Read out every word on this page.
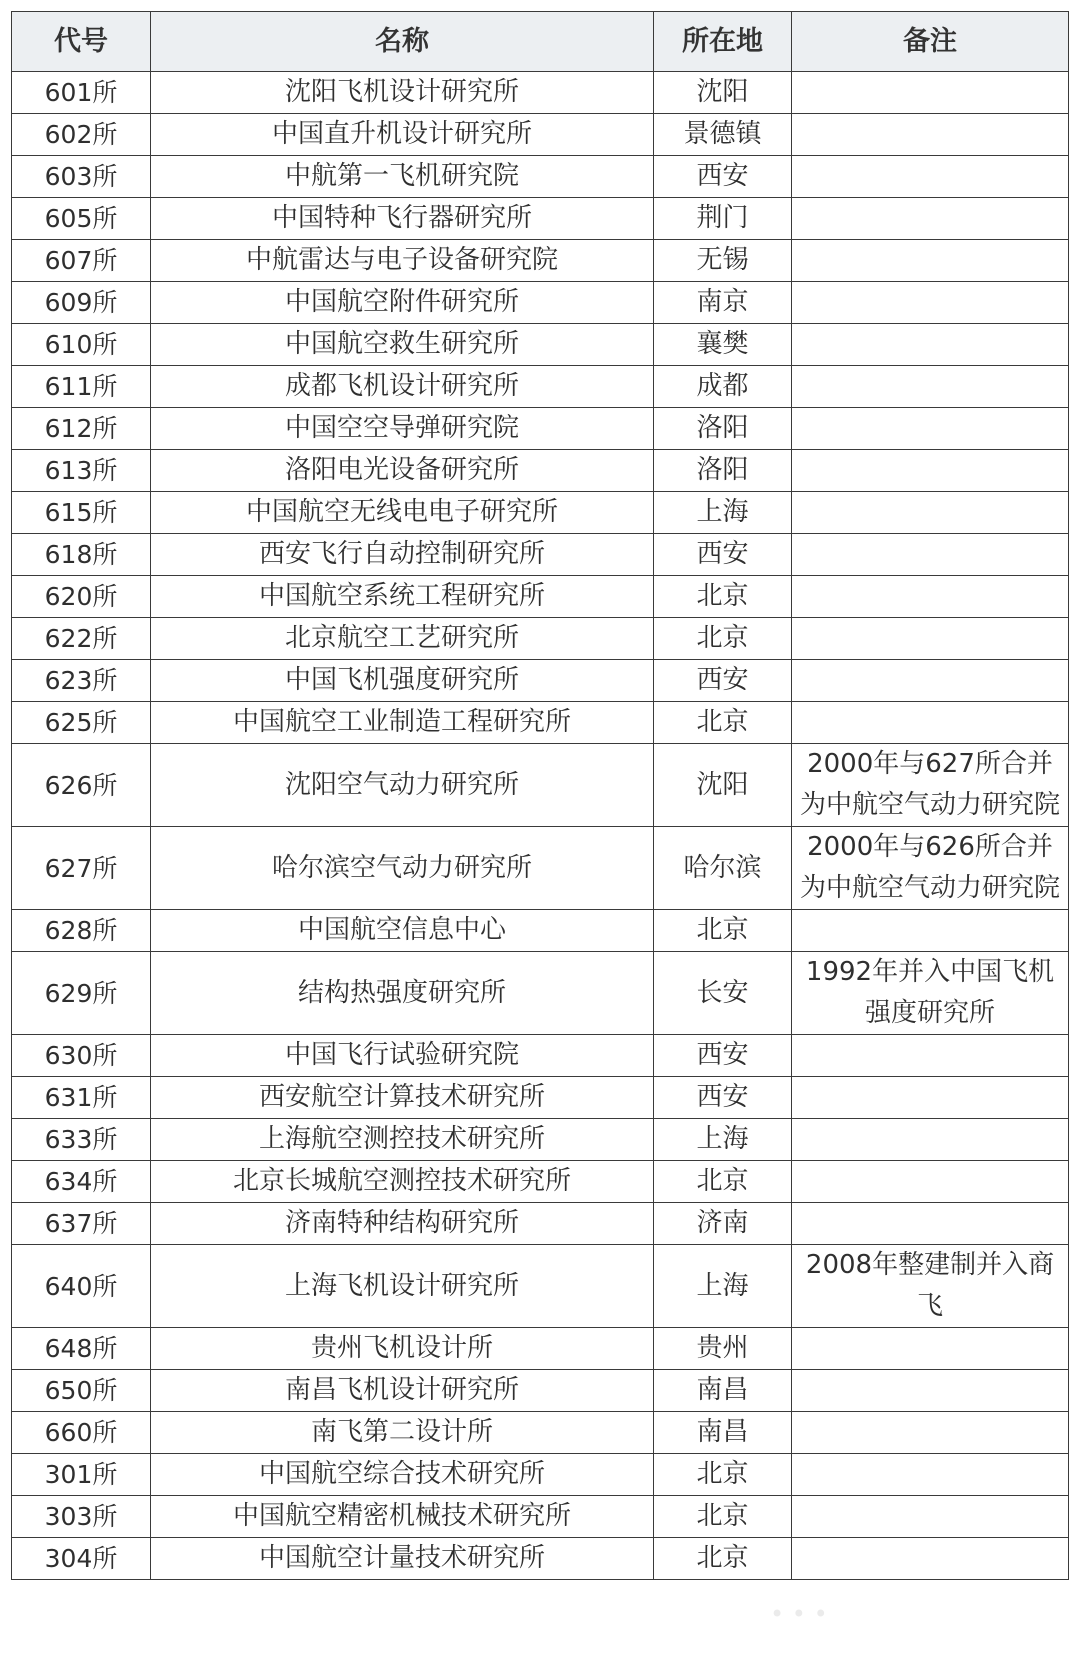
代号	名称	所在地	备注
601所	沈阳飞机设计研究所	沈阳	
602所	中国直升机设计研究所	景德镇	
603所	中航第一飞机研究院	西安	
605所	中国特种飞行器研究所	荆门	
607所	中航雷达与电子设备研究院	无锡	
609所	中国航空附件研究所	南京	
610所	中国航空救生研究所	襄樊	
611所	成都飞机设计研究所	成都	
612所	中国空空导弹研究院	洛阳	
613所	洛阳电光设备研究所	洛阳	
615所	中国航空无线电电子研究所	上海	
618所	西安飞行自动控制研究所	西安	
620所	中国航空系统工程研究所	北京	
622所	北京航空工艺研究所	北京	
623所	中国飞机强度研究所	西安	
625所	中国航空工业制造工程研究所	北京	
626所	沈阳空气动力研究所	沈阳	2000年与627所合并为中航空气动力研究院
627所	哈尔滨空气动力研究所	哈尔滨	2000年与626所合并为中航空气动力研究院
628所	中国航空信息中心	北京	
629所	结构热强度研究所	长安	1992年并入中国飞机强度研究所
630所	中国飞行试验研究院	西安	
631所	西安航空计算技术研究所	西安	
633所	上海航空测控技术研究所	上海	
634所	北京长城航空测控技术研究所	北京	
637所	济南特种结构研究所	济南	
640所	上海飞机设计研究所	上海	2008年整建制并入商飞
648所	贵州飞机设计所	贵州	
650所	南昌飞机设计研究所	南昌	
660所	南飞第二设计所	南昌	
301所	中国航空综合技术研究所	北京	
303所	中国航空精密机械技术研究所	北京	
304所	中国航空计量技术研究所	北京	
• • •
